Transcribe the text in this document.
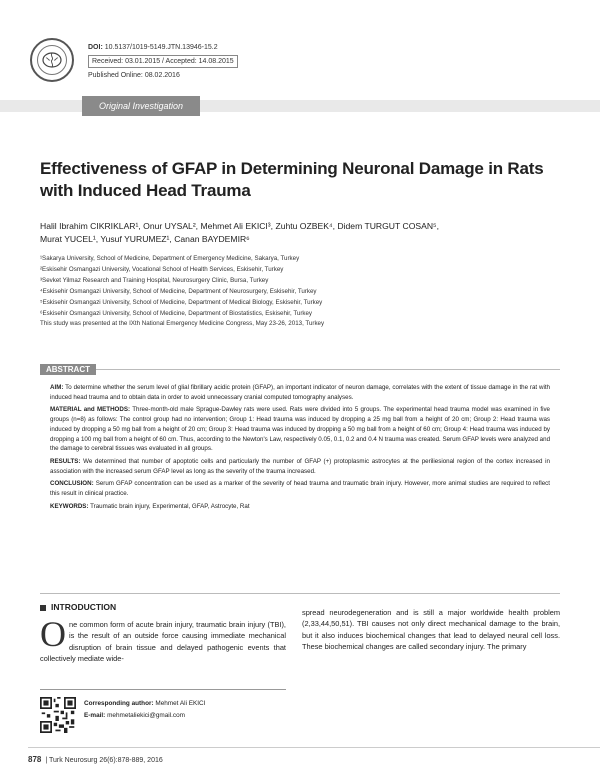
DOI: 10.5137/1019-5149.JTN.13946-15.2
Received: 03.01.2015 / Accepted: 14.08.2015
Published Online: 08.02.2016
Original Investigation
Effectiveness of GFAP in Determining Neuronal Damage in Rats with Induced Head Trauma
Halil Ibrahim CIKRIKLAR¹, Onur UYSAL², Mehmet Ali EKICI³, Zuhtu OZBEK⁴, Didem TURGUT COSAN⁵,
Murat YUCEL¹, Yusuf YURUMEZ¹, Canan BAYDEMIR⁶
¹Sakarya University, School of Medicine, Department of Emergency Medicine, Sakarya, Turkey
²Eskisehir Osmangazi University, Vocational School of Health Services, Eskisehir, Turkey
³Sevket Yilmaz Research and Training Hospital, Neurosurgery Clinic, Bursa, Turkey
⁴Eskisehir Osmangazi University, School of Medicine, Department of Neurosurgery, Eskisehir, Turkey
⁵Eskisehir Osmangazi University, School of Medicine, Department of Medical Biology, Eskisehir, Turkey
⁶Eskisehir Osmangazi University, School of Medicine, Department of Biostatistics, Eskisehir, Turkey
This study was presented at the IXth National Emergency Medicine Congress, May 23-26, 2013, Turkey
ABSTRACT

AIM: To determine whether the serum level of glial fibrillary acidic protein (GFAP), an important indicator of neuron damage, correlates with the extent of tissue damage in the rat with induced head trauma and to obtain data in order to avoid unnecessary cranial computed tomography analyses.

MATERIAL and METHODS: Three-month-old male Sprague-Dawley rats were used. Rats were divided into 5 groups. The experimental head trauma model was examined in five groups (n=8) as follows: The control group had no intervention; Group 1: Head trauma was induced by dropping a 25 mg ball from a height of 20 cm; Group 2: Head trauma was induced by dropping a 50 mg ball from a height of 20 cm; Group 3: Head trauma was induced by dropping a 50 mg ball from a height of 60 cm; Group 4: Head trauma was induced by dropping a 100 mg ball from a height of 60 cm. Thus, according to the Newton's Law, respectively 0.05, 0.1, 0.2 and 0.4 N trauma was created. Serum GFAP levels were analyzed and the damage to cerebral tissues was evaluated in all groups.

RESULTS: We determined that number of apoptotic cells and particularly the number of GFAP (+) protoplasmic astrocytes at the periliesional region of the cortex increased in association with the increased serum GFAP level as long as the severity of the trauma increased.

CONCLUSION: Serum GFAP concentration can be used as a marker of the severity of head trauma and traumatic brain injury. However, more animal studies are required to reflect this result in clinical practice.

KEYWORDS: Traumatic brain injury, Experimental, GFAP, Astrocyte, Rat

INTRODUCTION
One common form of acute brain injury, traumatic brain injury (TBI), is the result of an outside force causing immediate mechanical disruption of brain tissue and delayed pathogenic events that collectively mediate wide-
spread neurodegeneration and is still a major worldwide health problem (2,33,44,50,51). TBI causes not only direct mechanical damage to the brain, but it also induces biochemical changes that lead to delayed neural cell loss. These biochemical changes are called secondary injury. The primary
Corresponding author: Mehmet Ali EKICI
E-mail: mehmetaliekici@gmail.com
878 | Turk Neurosurg 26(6):878-889, 2016
